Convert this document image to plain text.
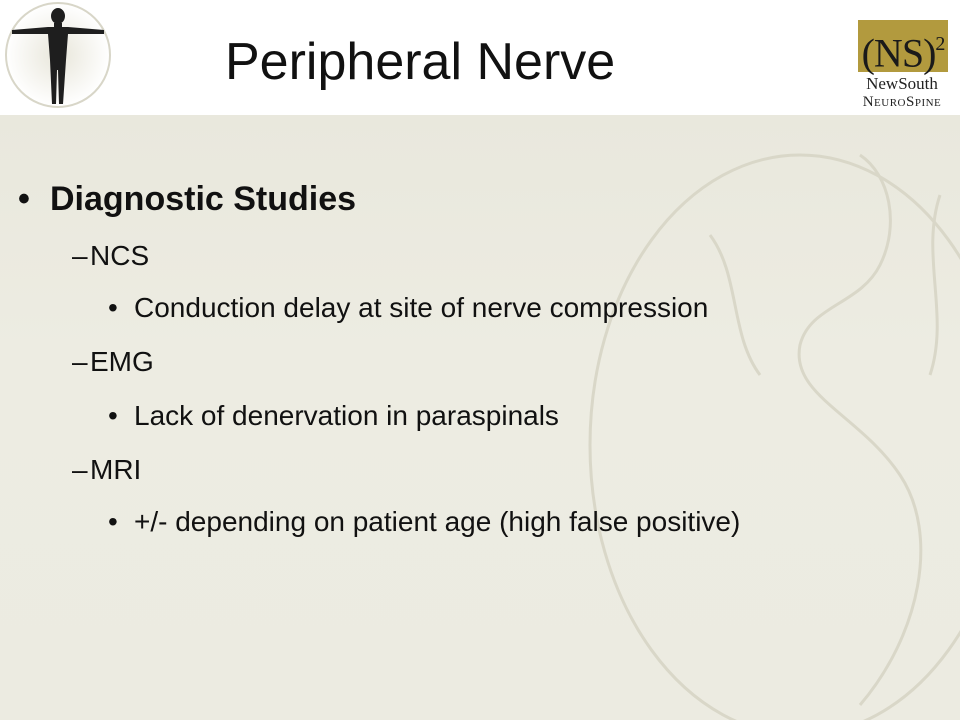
(NS)$^2$
NewSouth
NeuroSpine
Peripheral Nerve
• Diagnostic Studies
–NCS
• Conduction delay at site of nerve compression
–EMG
• Lack of denervation in paraspinals
–MRI
• +/- depending on patient age (high false positive)
